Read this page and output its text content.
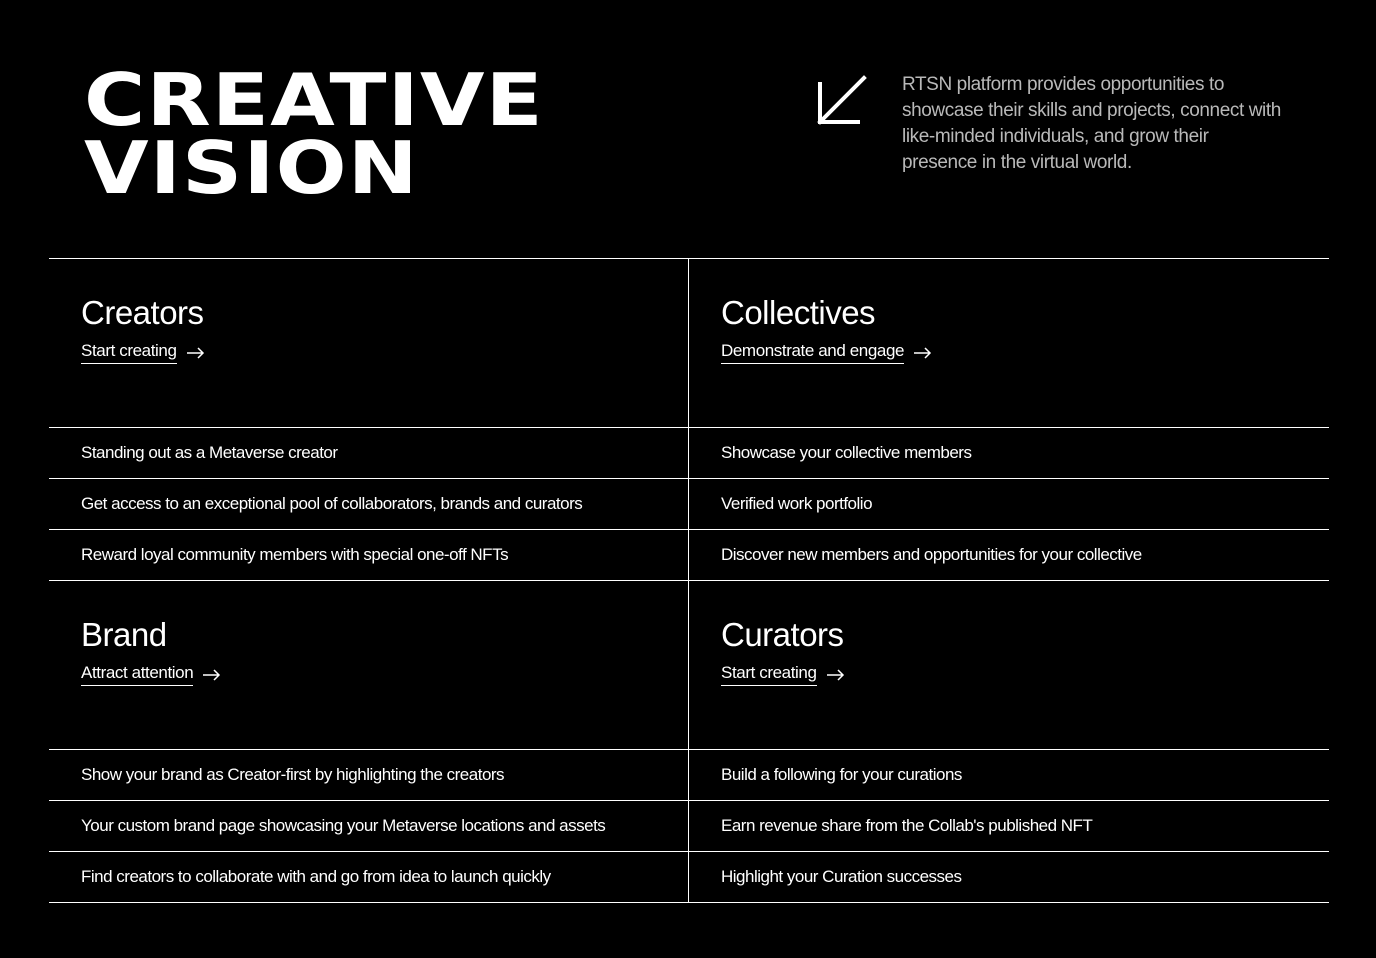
CREATIVE
VISION

RTSN platform provides opportunities to showcase their skills and projects, connect with like-minded individuals, and grow their presence in the virtual world.

Creators
Start creating

Standing out as a Metaverse creator

Get access to an exceptional pool of collaborators, brands and curators

Reward loyal community members with special one-off NFTs

Collectives
Demonstrate and engage

Showcase your collective members

Verified work portfolio

Discover new members and opportunities for your collective

Brand
Attract attention

Show your brand as Creator-first by highlighting the creators

Your custom brand page showcasing your Metaverse locations and assets

Find creators to collaborate with and go from idea to launch quickly

Curators
Start creating

Build a following for your curations

Earn revenue share from the Collab's published NFT

Highlight your Curation successes
